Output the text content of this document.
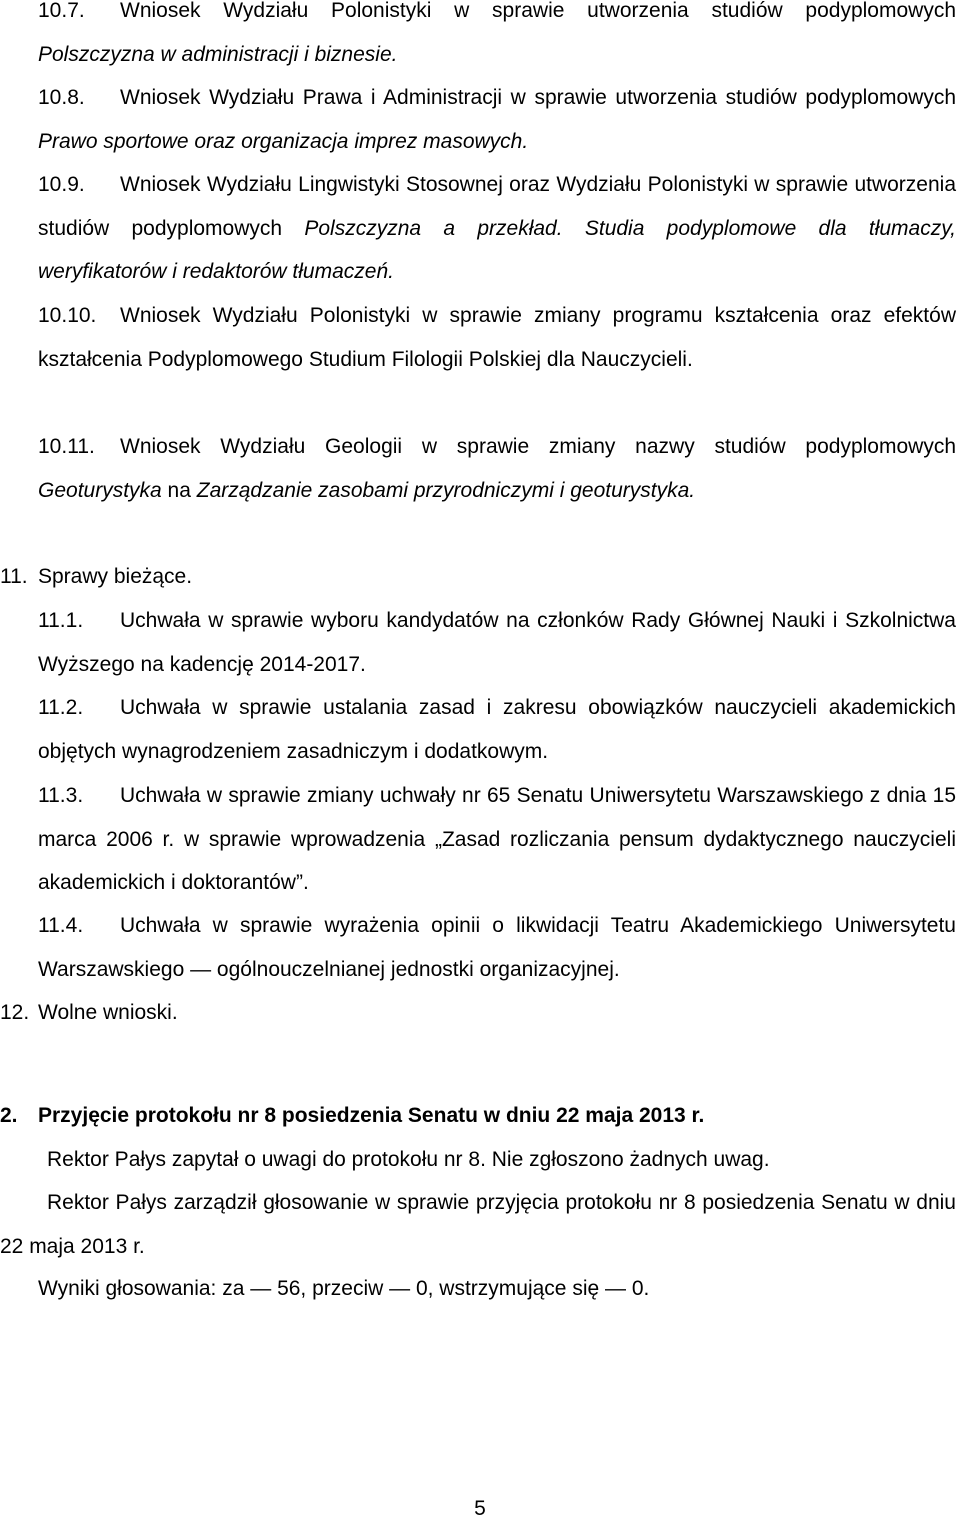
10.7. Wniosek Wydziału Polonistyki w sprawie utworzenia studiów podyplomowych Polszczyzna w administracji i biznesie.

10.8. Wniosek Wydziału Prawa i Administracji w sprawie utworzenia studiów podyplomowych Prawo sportowe oraz organizacja imprez masowych.

10.9. Wniosek Wydziału Lingwistyki Stosownej oraz Wydziału Polonistyki w sprawie utworzenia studiów podyplomowych Polszczyzna a przekład. Studia podyplomowe dla tłumaczy, weryfikatorów i redaktorów tłumaczeń.

10.10. Wniosek Wydziału Polonistyki w sprawie zmiany programu kształcenia oraz efektów kształcenia Podyplomowego Studium Filologii Polskiej dla Nauczycieli.

10.11. Wniosek Wydziału Geologii w sprawie zmiany nazwy studiów podyplomowych Geoturystyka na Zarządzanie zasobami przyrodniczymi i geoturystyka.

11. Sprawy bieżące.

11.1. Uchwała w sprawie wyboru kandydatów na członków Rady Głównej Nauki i Szkolnictwa Wyższego na kadencję 2014-2017.

11.2. Uchwała w sprawie ustalania zasad i zakresu obowiązków nauczycieli akademickich objętych wynagrodzeniem zasadniczym i dodatkowym.

11.3. Uchwała w sprawie zmiany uchwały nr 65 Senatu Uniwersytetu Warszawskiego z dnia 15 marca 2006 r. w sprawie wprowadzenia „Zasad rozliczania pensum dydaktycznego nauczycieli akademickich i doktorantów”.

11.4. Uchwała w sprawie wyrażenia opinii o likwidacji Teatru Akademickiego Uniwersytetu Warszawskiego — ogólnouczelnianej jednostki organizacyjnej.

12. Wolne wnioski.

2. Przyjęcie protokołu nr 8 posiedzenia Senatu w dniu 22 maja 2013 r.

Rektor Pałys zapytał o uwagi do protokołu nr 8. Nie zgłoszono żadnych uwag.

Rektor Pałys zarządził głosowanie w sprawie przyjęcia protokołu nr 8 posiedzenia Senatu w dniu 22 maja 2013 r.

Wyniki głosowania: za — 56, przeciw — 0, wstrzymujące się — 0.

5
